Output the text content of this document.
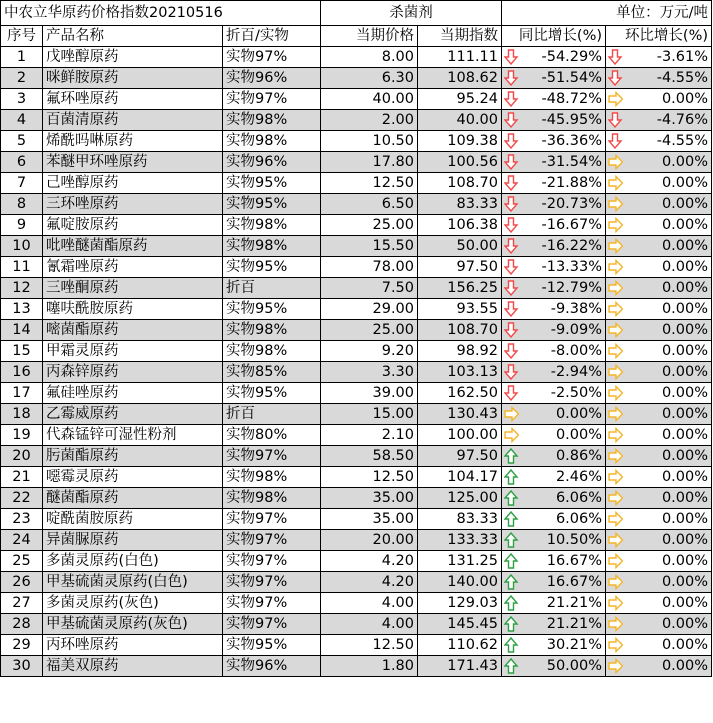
中农立华原药价格指数20210516			杀菌剂		单位：万元/吨	
序号	产品名称	折百/实物	当期价格	当期指数	同比增长(%)	环比增长(%)
1	戊唑醇原药	实物97%	8.00	111.11	-54.29%	-3.61%

2	咪鲜胺原药	实物96%	6.30	108.62	-51.54%	-4.55%

3	氟环唑原药	实物97%	40.00	95.24	-48.72%	0.00%

4	百菌清原药	实物98%	2.00	40.00	-45.95%	-4.76%

5	烯酰吗啉原药	实物98%	10.50	109.38	-36.36%	-4.55%

6	苯醚甲环唑原药	实物96%	17.80	100.56	-31.54%	0.00%

7	己唑醇原药	实物95%	12.50	108.70	-21.88%	0.00%

8	三环唑原药	实物95%	6.50	83.33	-20.73%	0.00%

9	氟啶胺原药	实物98%	25.00	106.38	-16.67%	0.00%

10	吡唑醚菌酯原药	实物98%	15.50	50.00	-16.22%	0.00%

11	氰霜唑原药	实物95%	78.00	97.50	-13.33%	0.00%

12	三唑酮原药	折百	7.50	156.25	-12.79%	0.00%

13	噻呋酰胺原药	实物95%	29.00	93.55	-9.38%	0.00%

14	嘧菌酯原药	实物98%	25.00	108.70	-9.09%	0.00%

15	甲霜灵原药	实物98%	9.20	98.92	-8.00%	0.00%

16	丙森锌原药	实物85%	3.30	103.13	-2.94%	0.00%

17	氟硅唑原药	实物95%	39.00	162.50	-2.50%	0.00%

18	乙霉威原药	折百	15.00	130.43	0.00%	0.00%

19	代森锰锌可湿性粉剂	实物80%	2.10	100.00	0.00%	0.00%

20	肟菌酯原药	实物97%	58.50	97.50	0.86%	0.00%

21	噁霉灵原药	实物98%	12.50	104.17	2.46%	0.00%

22	醚菌酯原药	实物98%	35.00	125.00	6.06%	0.00%

23	啶酰菌胺原药	实物97%	35.00	83.33	6.06%	0.00%

24	异菌脲原药	实物97%	20.00	133.33	10.50%	0.00%

25	多菌灵原药(白色)	实物97%	4.20	131.25	16.67%	0.00%

26	甲基硫菌灵原药(白色)	实物97%	4.20	140.00	16.67%	0.00%

27	多菌灵原药(灰色)	实物97%	4.00	129.03	21.21%	0.00%

28	甲基硫菌灵原药(灰色)	实物97%	4.00	145.45	21.21%	0.00%

29	丙环唑原药	实物95%	12.50	110.62	30.21%	0.00%

30	福美双原药	实物96%	1.80	171.43	50.00%	0.00%
